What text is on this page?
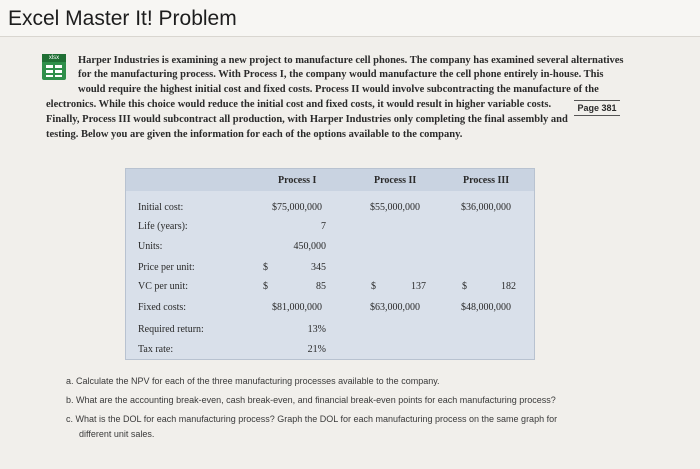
Excel Master It! Problem
xlsx	Harper Industries is examining a new project to manufacture cell phones. The company has examined several alternatives
for the manufacturing process. With Process I, the company would manufacture the cell phone entirely in-house. This
would require the highest initial cost and fixed costs. Process II would involve subcontracting the manufacture of the
electronics. While this choice would reduce the initial cost and fixed costs, it would result in higher variable costs.
Finally, Process III would subcontract all production, with Harper Industries only completing the final assembly and
testing. Below you are given the information for each of the options available to the company.
Page 381
Process I	Process II	Process III
Initial cost:	$75,000,000	$55,000,000	$36,000,000
Life (years):	7
Units:	450,000
Price per unit:	$	345
VC per unit:	$	85	$	137	$	182
Fixed costs:	$81,000,000	$63,000,000	$48,000,000
Required return:	13%
Tax rate:	21%
a. Calculate the NPV for each of the three manufacturing processes available to the company.
b. What are the accounting break-even, cash break-even, and financial break-even points for each manufacturing process?
c. What is the DOL for each manufacturing process? Graph the DOL for each manufacturing process on the same graph for
different unit sales.
